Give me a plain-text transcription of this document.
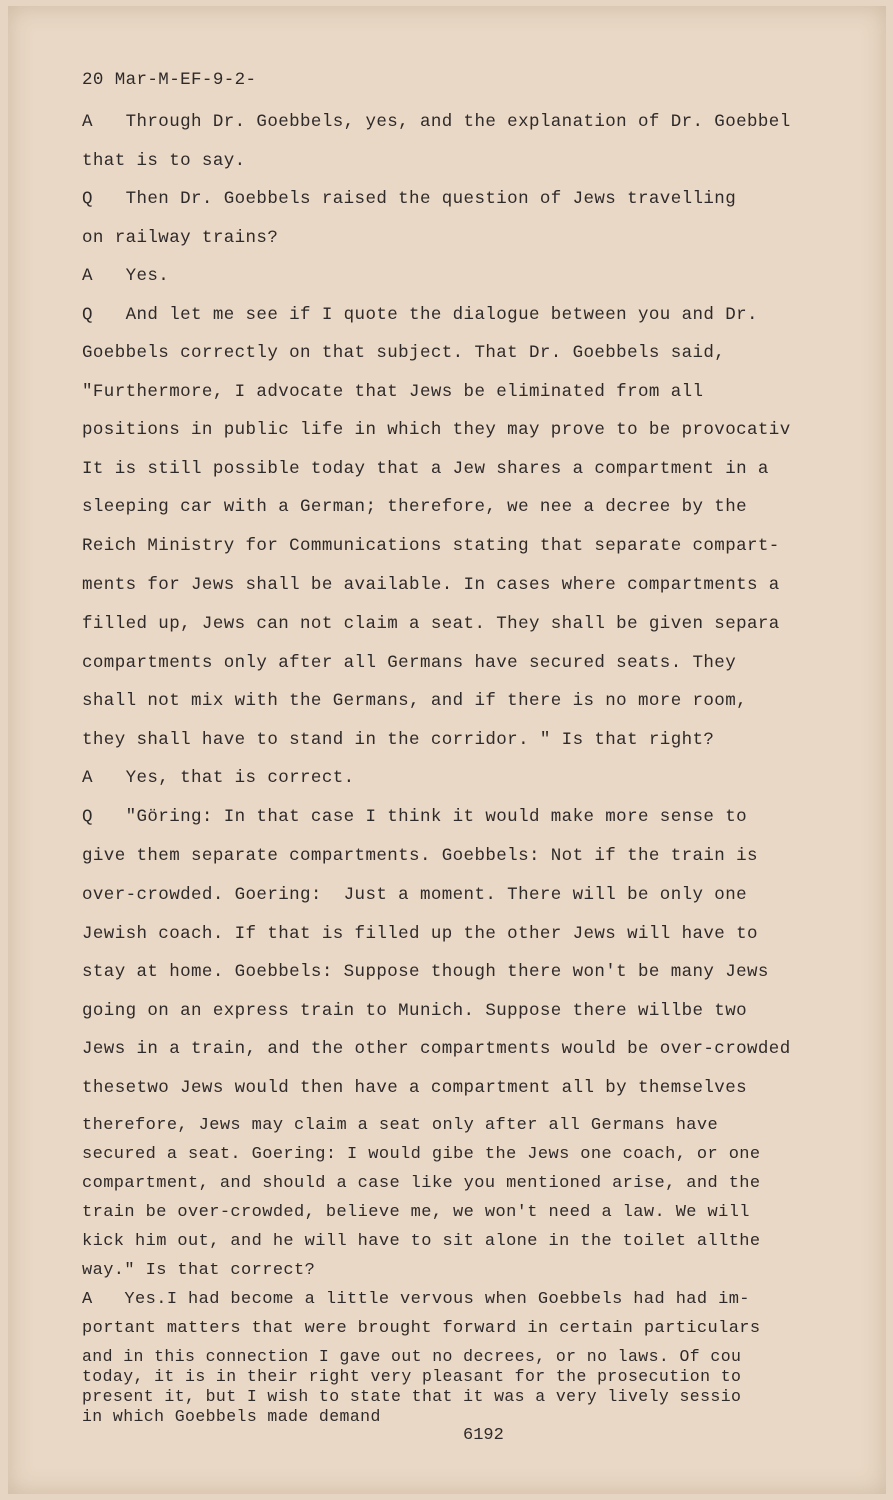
20 Mar-M-EF-9-2-
A   Through Dr. Goebbels, yes, and the explanation of Dr. Goebbel
that is to say.
Q   Then Dr. Goebbels raised the question of Jews travelling
on railway trains?
A   Yes.
Q   And let me see if I quote the dialogue between you and Dr.
Goebbels correctly on that subject. That Dr. Goebbels said,
"Furthermore, I advocate that Jews be eliminated from all
positions in public life in which they may prove to be provocativ
It is still possible today that a Jew shares a compartment in a
sleeping car with a German; therefore, we nee a decree by the
Reich Ministry for Communications stating that separate compart-
ments for Jews shall be available. In cases where compartments a
filled up, Jews can not claim a seat. They shall be given separa
compartments only after all Germans have secured seats. They
shall not mix with the Germans, and if there is no more room,
they shall have to stand in the corridor. " Is that right?
A   Yes, that is correct.
Q   "Göring: In that case I think it would make more sense to
give them separate compartments. Goebbels: Not if the train is
over-crowded. Goering:  Just a moment. There will be only one
Jewish coach. If that is filled up the other Jews will have to
stay at home. Goebbels: Suppose though there won't be many Jews
going on an express train to Munich. Suppose there willbe two
Jews in a train, and the other compartments would be over-crowded
thesetwo Jews would then have a compartment all by themselves
therefore, Jews may claim a seat only after all Germans have
secured a seat. Goering: I would gibe the Jews one coach, or one
compartment, and should a case like you mentioned arise, and the
train be over-crowded, believe me, we won't need a law. We will
kick him out, and he will have to sit alone in the toilet allthe
way." Is that correct?
A   Yes.I had become a little vervous when Goebbels had had im-
portant matters that were brought forward in certain particulars
and in this connection I gave out no decrees, or no laws. Of cou
today, it is in their right very pleasant for the prosecution to
present it, but I wish to state that it was a very lively sessio
in which Goebbels made demand
6192
